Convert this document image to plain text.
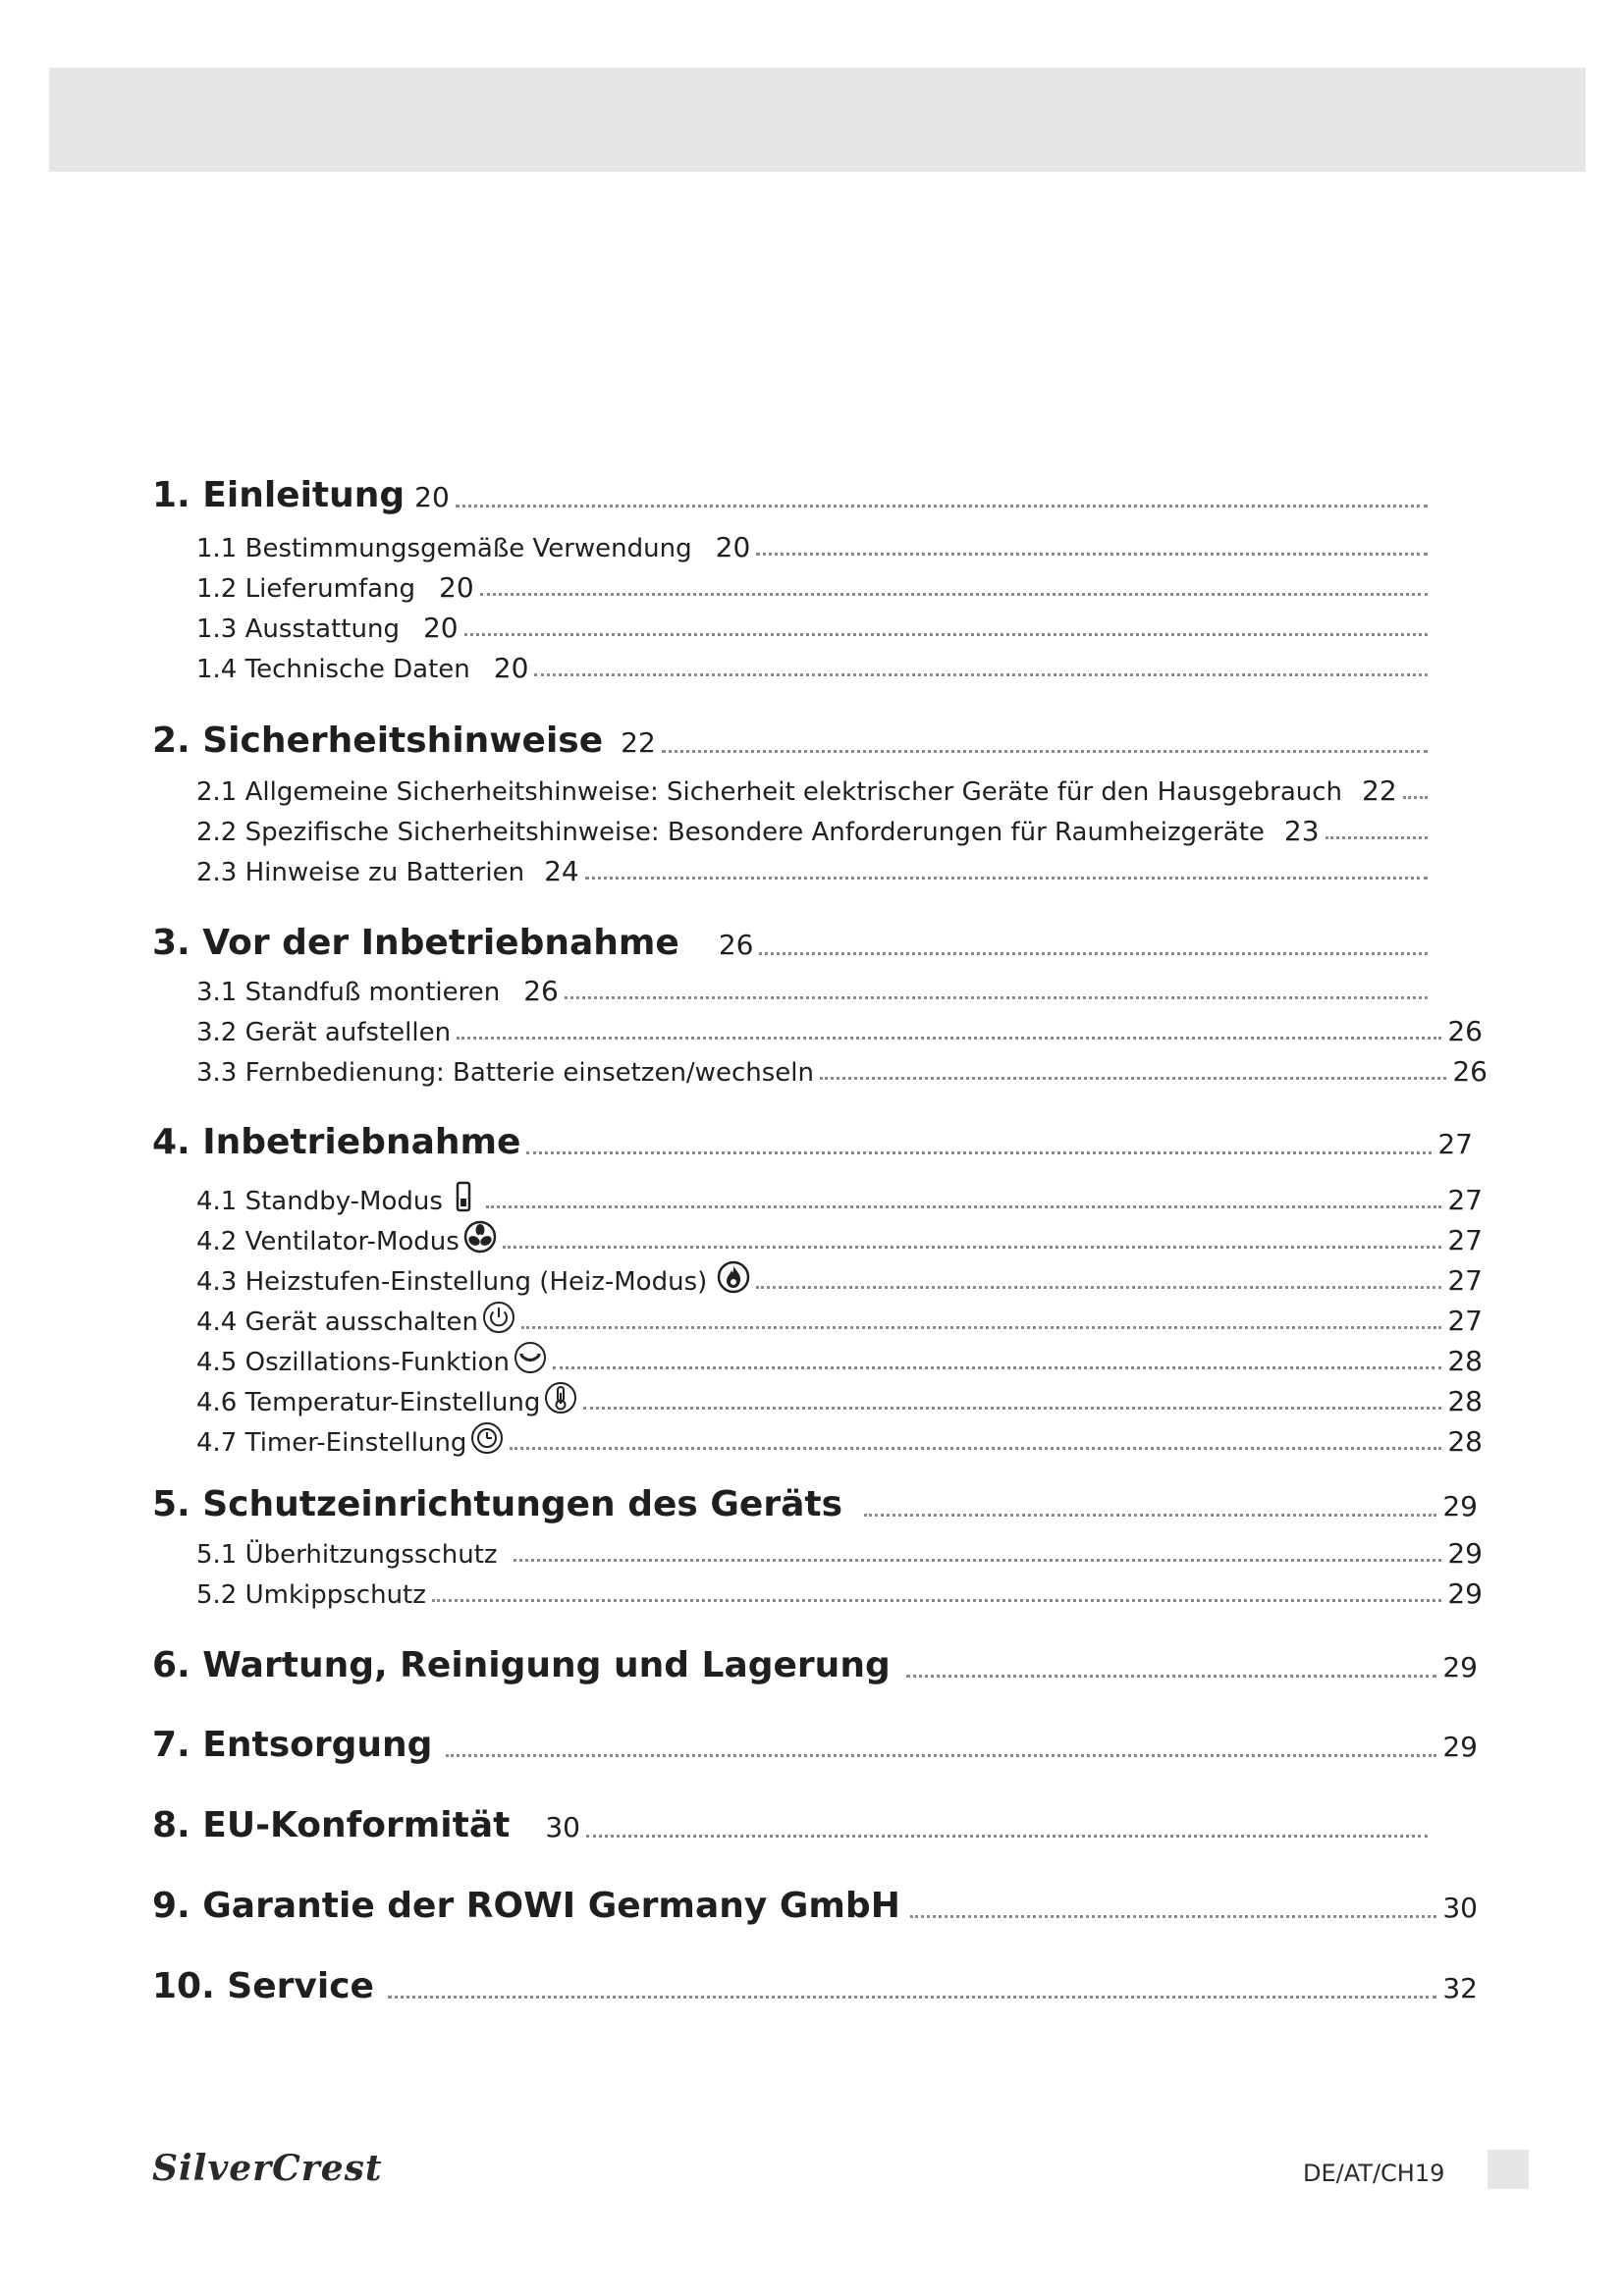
1. Einleitung 20
1.1 Bestimmungsgemäße Verwendung 20
1.2 Lieferumfang 20
1.3 Ausstattung 20
1.4 Technische Daten 20
2. Sicherheitshinweise 22
2.1 Allgemeine Sicherheitshinweise: Sicherheit elektrischer Geräte für den Hausgebrauch 22
2.2 Spezifische Sicherheitshinweise: Besondere Anforderungen für Raumheizgeräte 23
2.3 Hinweise zu Batterien 24
3. Vor der Inbetriebnahme 26
3.1 Standfuß montieren 26
3.2 Gerät aufstellen	26
3.3 Fernbedienung: Batterie einsetzen/wechseln	26
4. Inbetriebnahme	27
4.1 Standby-Modus	27
4.2 Ventilator-Modus	27
4.3 Heizstufen-Einstellung (Heiz-Modus)	27
4.4 Gerät ausschalten	27
4.5 Oszillations-Funktion	28
4.6 Temperatur-Einstellung	28
4.7 Timer-Einstellung	28
5. Schutzeinrichtungen des Geräts	29
5.1 Überhitzungsschutz	29
5.2 Umkippschutz	29
6. Wartung, Reinigung und Lagerung	29
7. Entsorgung	29
8. EU-Konformität 30
9. Garantie der ROWI Germany GmbH	30
10. Service	32
SilverCrest	DE/AT/CH19
